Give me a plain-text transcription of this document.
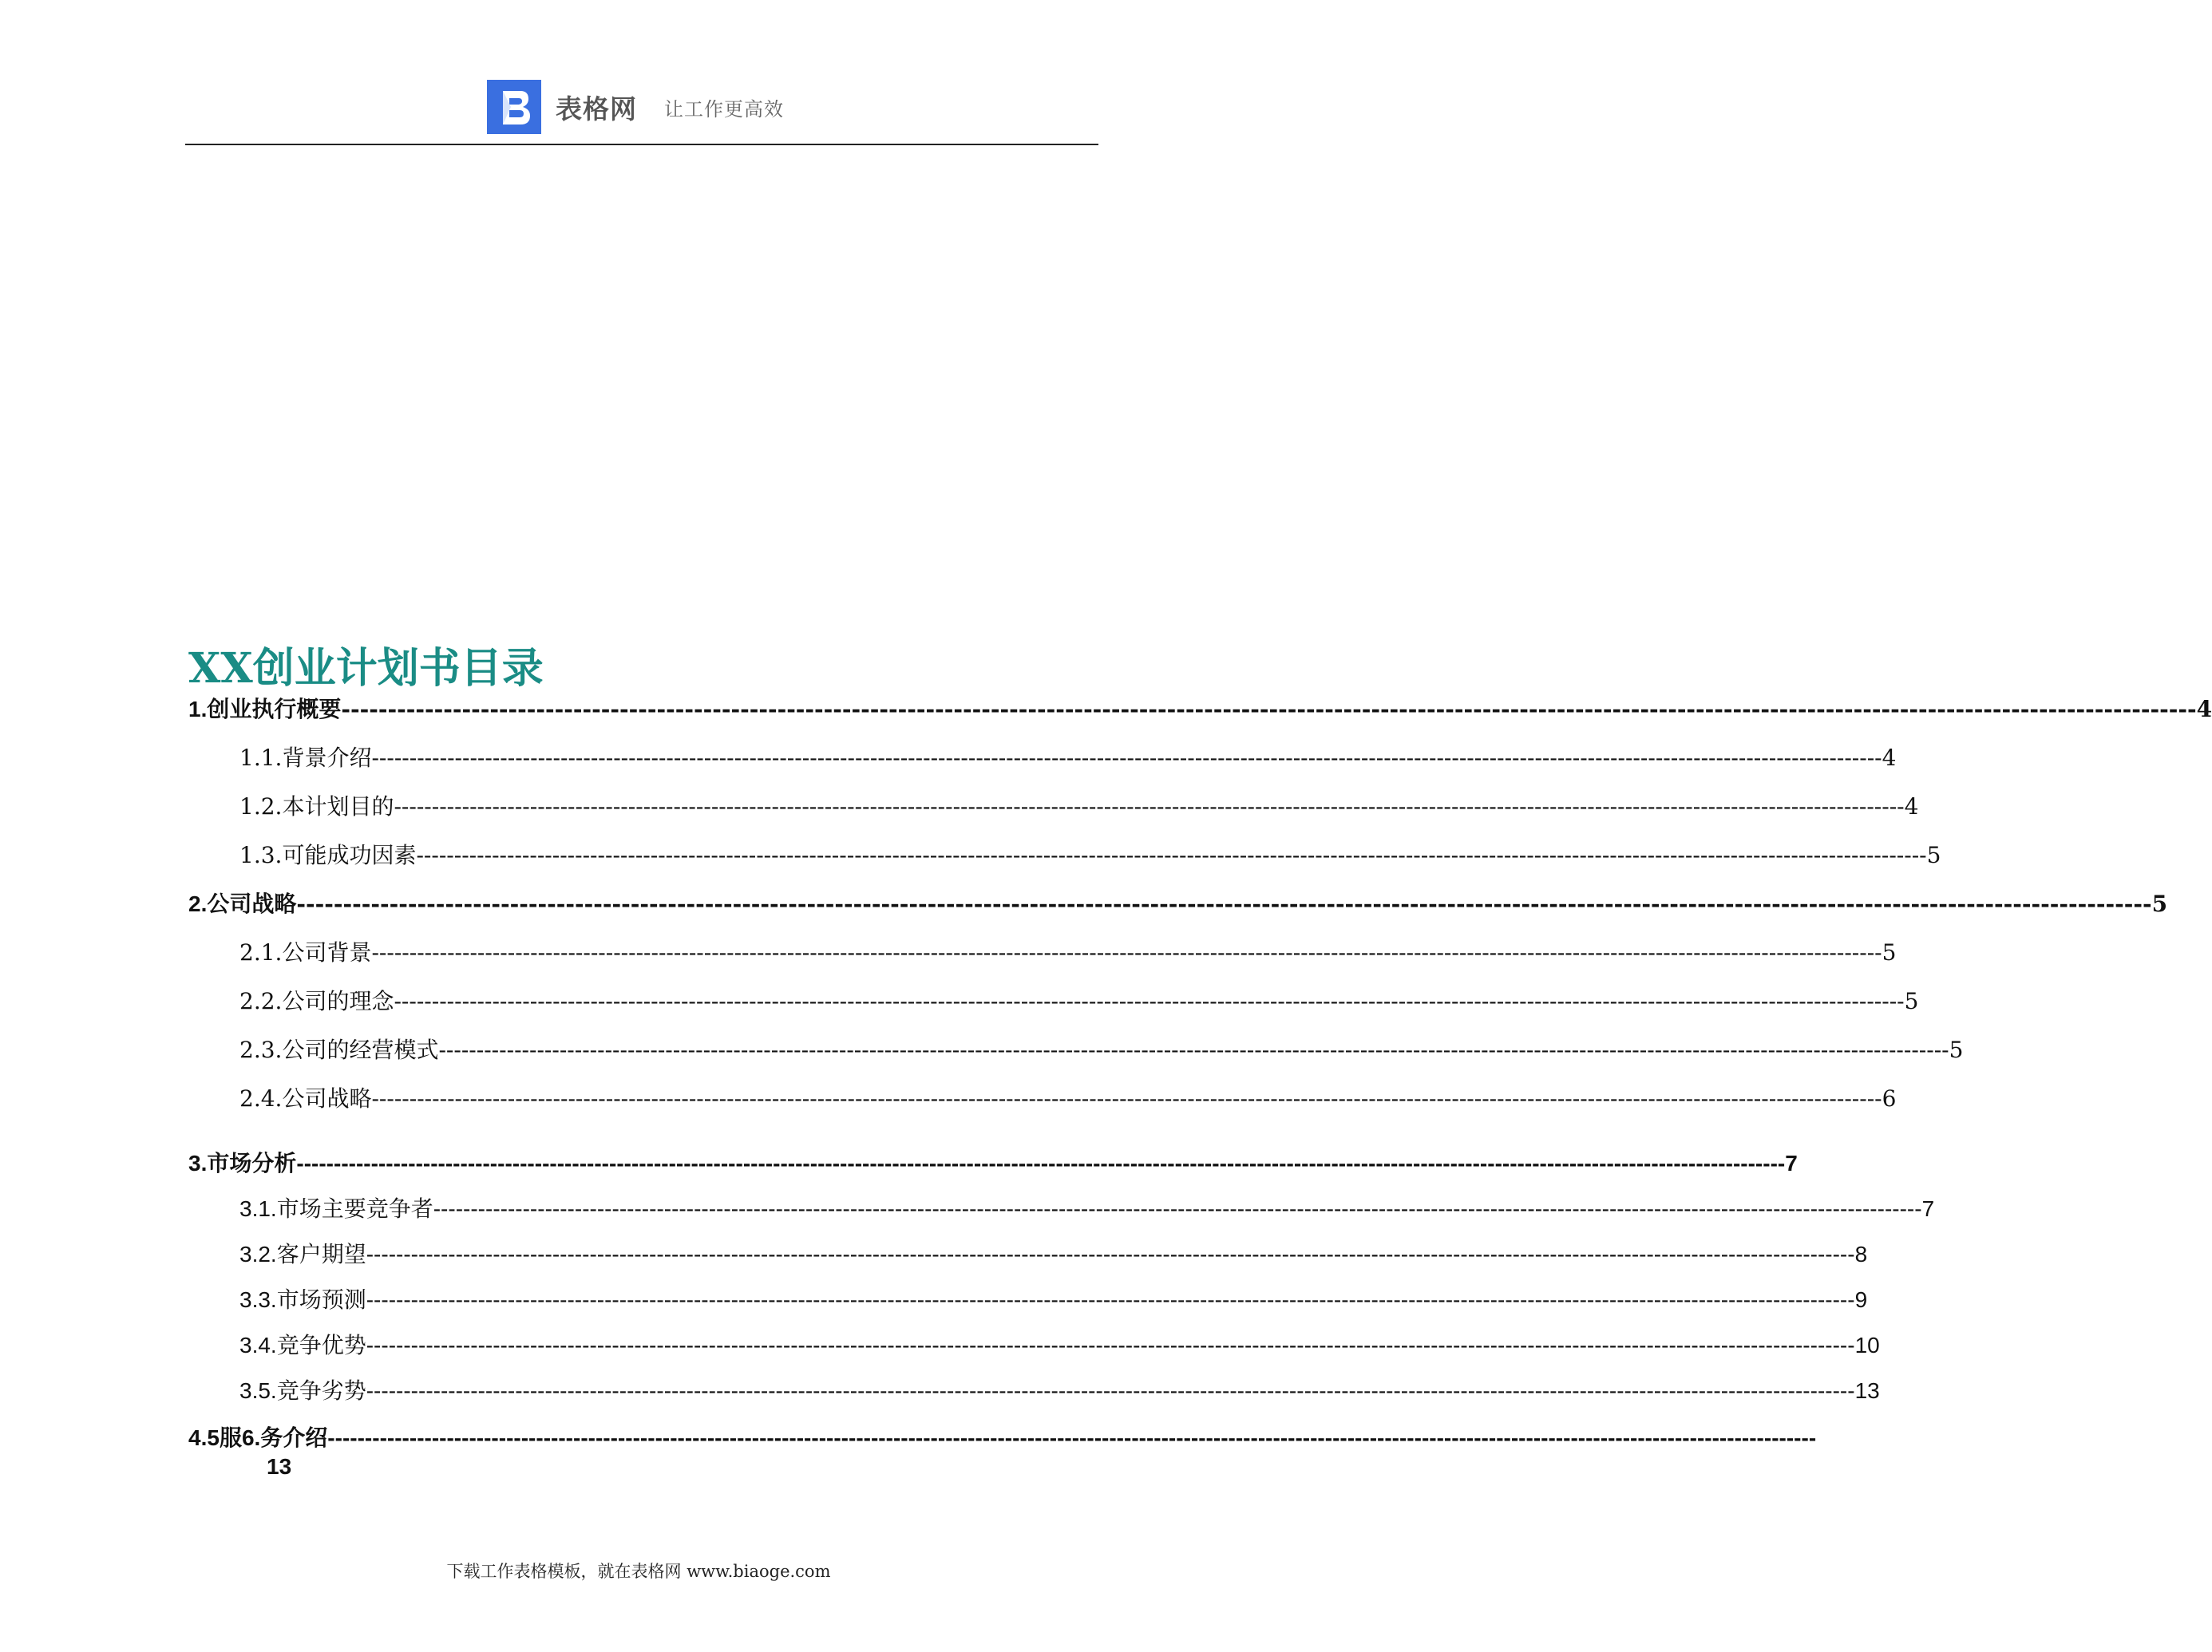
表格网 让工作更高效
XX创业计划书目录
1. 创业执行概要 -------------------------------------------------------------------------------------------------------------------------------------------------------------------------------------------------------- 4
1.1. 背景介绍 -------------------------------------------------------------------------------------------------------------------------------------------------------------------------------------------------------- 4
1.2. 本计划目的 -------------------------------------------------------------------------------------------------------------------------------------------------------------------------------------------------------- 4
1.3. 可能成功因素 -------------------------------------------------------------------------------------------------------------------------------------------------------------------------------------------------------- 5
2. 公司战略 -------------------------------------------------------------------------------------------------------------------------------------------------------------------------------------------------------- 5
2.1. 公司背景 -------------------------------------------------------------------------------------------------------------------------------------------------------------------------------------------------------- 5
2.2. 公司的理念 -------------------------------------------------------------------------------------------------------------------------------------------------------------------------------------------------------- 5
2.3. 公司的经营模式 -------------------------------------------------------------------------------------------------------------------------------------------------------------------------------------------------------- 5
2.4. 公司战略 -------------------------------------------------------------------------------------------------------------------------------------------------------------------------------------------------------- 6
3. 市场分析 -------------------------------------------------------------------------------------------------------------------------------------------------------------------------------------------------------- 7
3.1. 市场主要竞争者 -------------------------------------------------------------------------------------------------------------------------------------------------------------------------------------------------------- 7
3.2. 客户期望 -------------------------------------------------------------------------------------------------------------------------------------------------------------------------------------------------------- 8
3.3. 市场预测 -------------------------------------------------------------------------------------------------------------------------------------------------------------------------------------------------------- 9
3.4. 竞争优势 -------------------------------------------------------------------------------------------------------------------------------------------------------------------------------------------------------- 10
3.5. 竞争劣势 -------------------------------------------------------------------------------------------------------------------------------------------------------------------------------------------------------- 13
4. 5 服6.务介绍 --------------------------------------------------------------------------------------------------------------------------------------------------------------------------------------------------------
13
下载工作表格模板，就在表格网 www.biaoge.com
